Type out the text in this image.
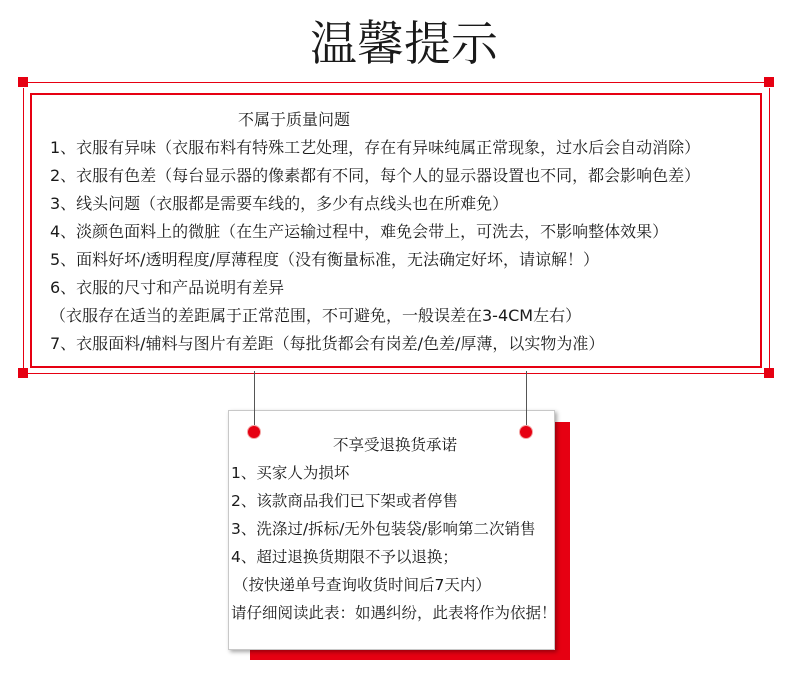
温馨提示
不属于质量问题
1、衣服有异味（衣服布料有特殊工艺处理，存在有异味纯属正常现象，过水后会自动消除）
2、衣服有色差（每台显示器的像素都有不同，每个人的显示器设置也不同，都会影响色差）
3、线头问题（衣服都是需要车线的，多少有点线头也在所难免）
4、淡颜色面料上的微脏（在生产运输过程中，难免会带上，可洗去，不影响整体效果）
5、面料好坏/透明程度/厚薄程度（没有衡量标准，无法确定好坏，请谅解！）
6、衣服的尺寸和产品说明有差异
（衣服存在适当的差距属于正常范围，不可避免，一般误差在3-4CM左右）
7、衣服面料/辅料与图片有差距（每批货都会有岗差/色差/厚薄，以实物为准）
不享受退换货承诺
1、买家人为损坏
2、该款商品我们已下架或者停售
3、洗涤过/拆标/无外包装袋/影响第二次销售
4、超过退换货期限不予以退换；
（按快递单号查询收货时间后7天内）
请仔细阅读此表：如遇纠纷，此表将作为依据！
